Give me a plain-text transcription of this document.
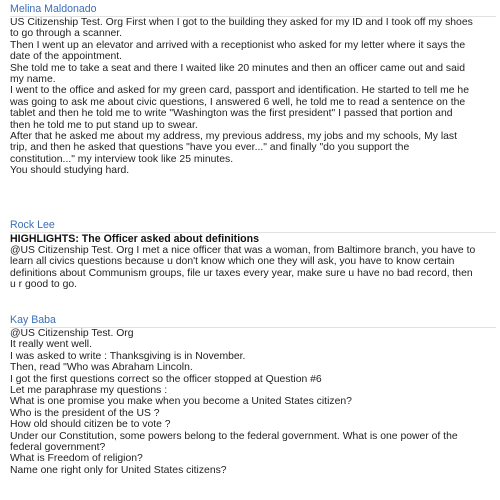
Melina Maldonado
US Citizenship Test. Org First when I got to the building they asked for my ID and I took off my shoes
to go through a scanner.
Then I went up an elevator and arrived with a receptionist who asked for my letter where it says the
date of the appointment.
She told me to take a seat and there I waited like 20 minutes and then an officer came out and said
my name.
I went to the office and asked for my green card, passport and identification. He started to tell me he
was going to ask me about civic questions, I answered 6 well, he told me to read a sentence on the
tablet and then he told me to write "Washington was the first president" I passed that portion and
then he told me to put stand up to swear.
After that he asked me about my address, my previous address, my jobs and my schools, My last
trip, and then he asked that questions "have you ever..." and finally "do you support the
constitution..." my interview took like 25 minutes.
You should studying hard.
Rock Lee
HIGHLIGHTS: The Officer asked about definitions
@US Citizenship Test. Org I met a nice officer that was a woman, from Baltimore branch, you have to
learn all civics questions because u don't know which one they will ask, you have to know certain
definitions about Communism groups, file ur taxes every year, make sure u have no bad record, then
u r good to go.
Kay Baba
@US Citizenship Test. Org
It really went well.
I was asked to write : Thanksgiving is in November.
Then, read "Who was Abraham Lincoln.
I got the first questions correct so the officer stopped at Question #6
Let me paraphrase my questions :
What is one promise you make when you become a United States citizen?
Who is the president of the US ?
How old should citizen be to vote ?
Under our Constitution, some powers belong to the federal government. What is one power of the
federal government?
What is Freedom of religion?
Name one right only for United States citizens?
